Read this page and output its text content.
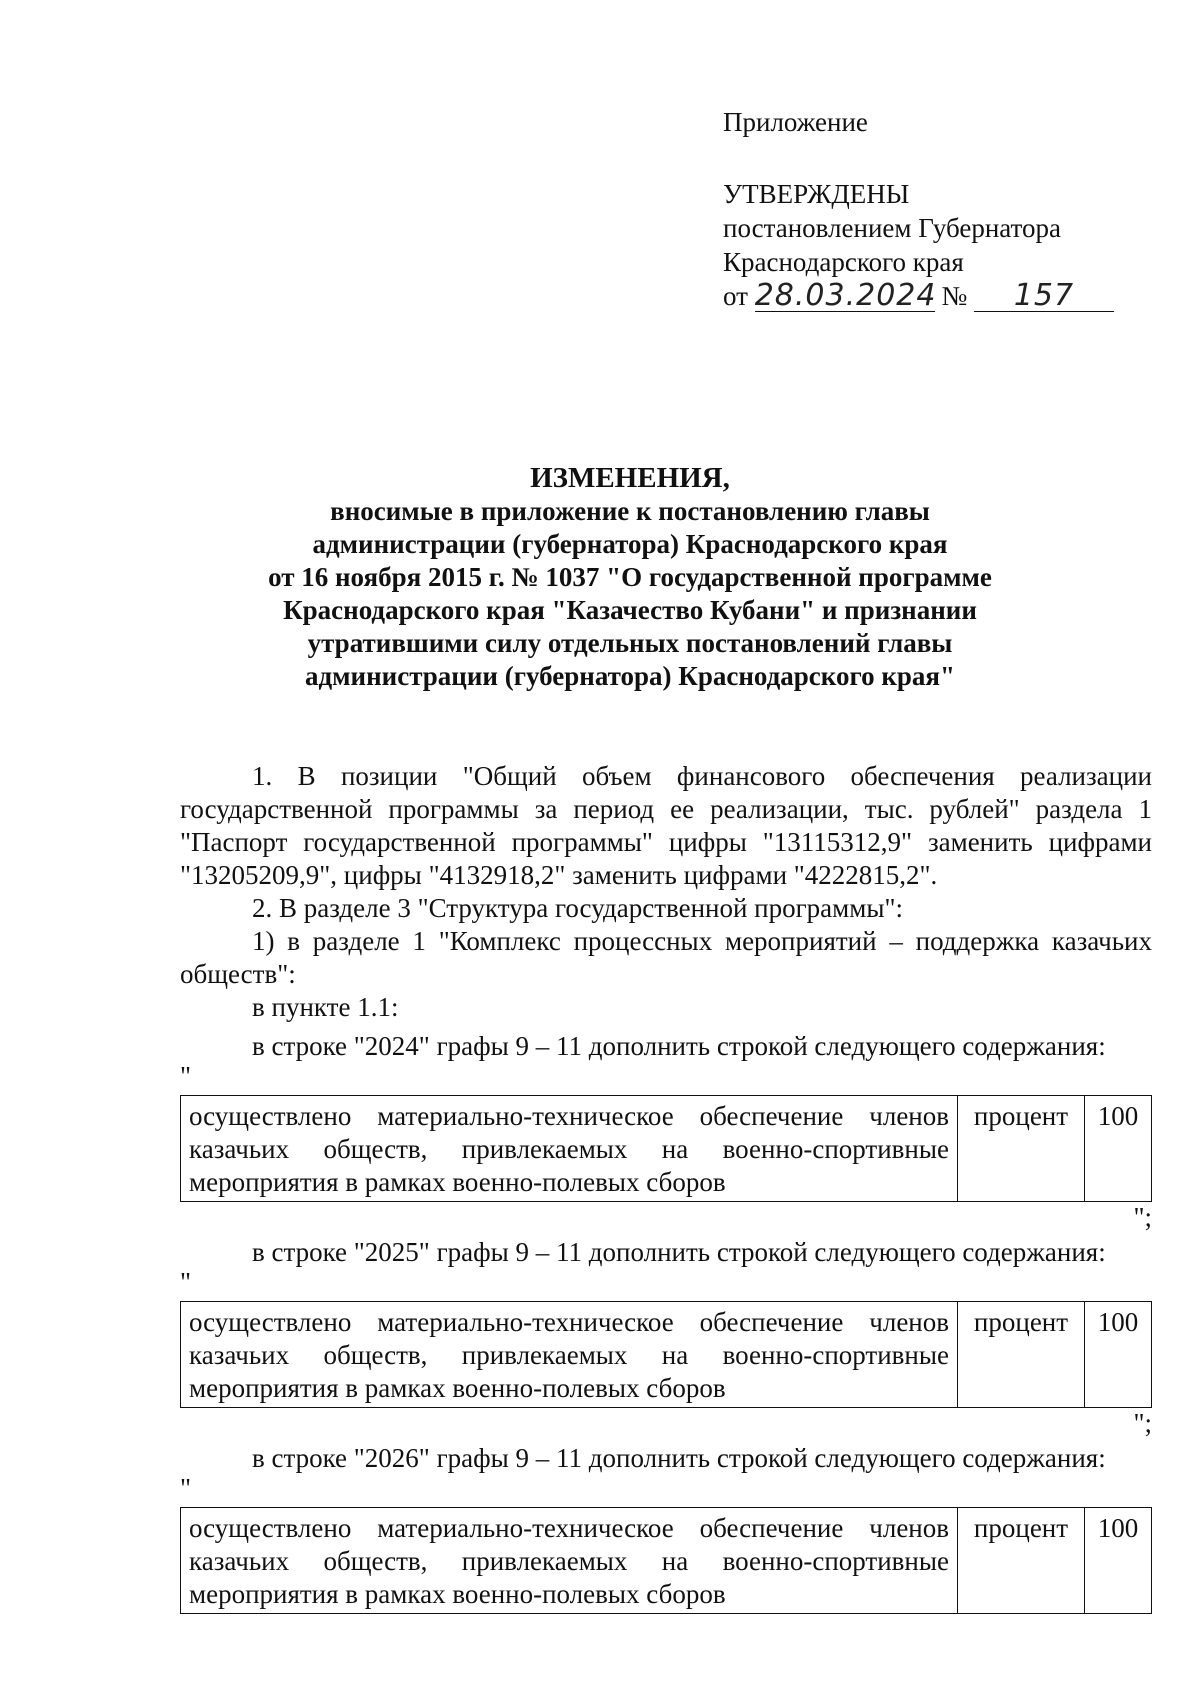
Приложение
УТВЕРЖДЕНЫ
постановлением Губернатора
Краснодарского края
от 28.03.2024 № 157
ИЗМЕНЕНИЯ,
вносимые в приложение к постановлению главы
администрации (губернатора) Краснодарского края
от 16 ноября 2015 г. № 1037 "О государственной программе
Краснодарского края "Казачество Кубани" и признании
утратившими силу отдельных постановлений главы
администрации (губернатора) Краснодарского края"

1. В позиции "Общий объем финансового обеспечения реализации государственной программы за период ее реализации, тыс. рублей" раздела 1 "Паспорт государственной программы" цифры "13115312,9" заменить цифрами "13205209,9", цифры "4132918,2" заменить цифрами "4222815,2".

2. В разделе 3 "Структура государственной программы":

1) в разделе 1 "Комплекс процессных мероприятий – поддержка казачьих обществ":

в пункте 1.1:

в строке "2024" графы 9 – 11 дополнить строкой следующего содержания:

"

осуществлено материально-техническое обеспечение членов казачьих обществ, привлекаемых на военно-спортивные мероприятия в рамках военно-полевых сборов	процент	100

";

в строке "2025" графы 9 – 11 дополнить строкой следующего содержания:

"

осуществлено материально-техническое обеспечение членов казачьих обществ, привлекаемых на военно-спортивные мероприятия в рамках военно-полевых сборов	процент	100

";

в строке "2026" графы 9 – 11 дополнить строкой следующего содержания:

"

осуществлено материально-техническое обеспечение членов казачьих обществ, привлекаемых на военно-спортивные мероприятия в рамках военно-полевых сборов	процент	100
